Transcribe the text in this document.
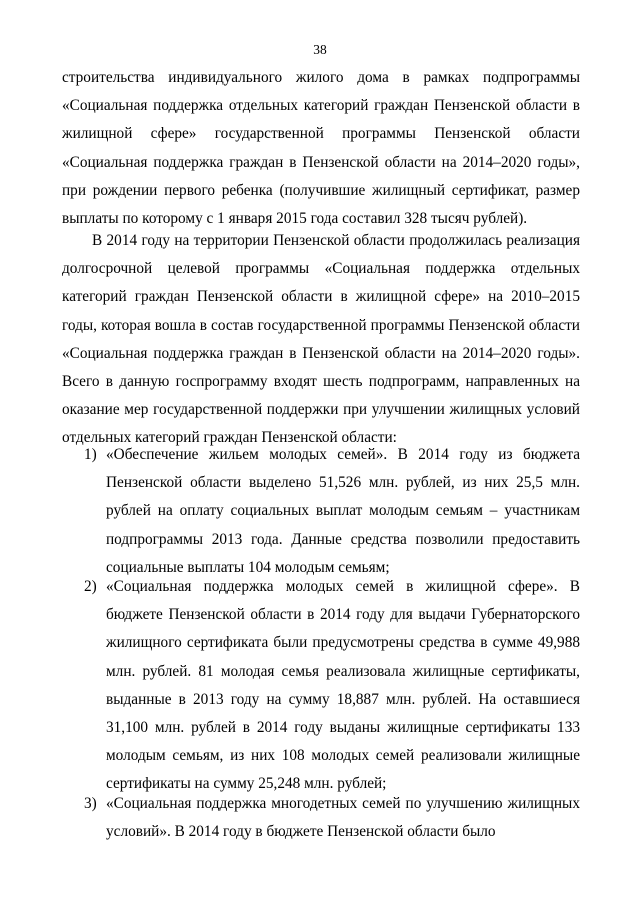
38

строительства индивидуального жилого дома в рамках подпрограммы «Социальная поддержка отдельных категорий граждан Пензенской области в жилищной сфере» государственной программы Пензенской области «Социальная поддержка граждан в Пензенской области на 2014–2020 годы», при рождении первого ребенка (получившие жилищный сертификат, размер выплаты по которому с 1 января 2015 года составил 328 тысяч рублей).

В 2014 году на территории Пензенской области продолжилась реализация долгосрочной целевой программы «Социальная поддержка отдельных категорий граждан Пензенской области в жилищной сфере» на 2010–2015 годы, которая вошла в состав государственной программы Пензенской области «Социальная поддержка граждан в Пензенской области на 2014–2020 годы». Всего в данную госпрограмму входят шесть подпрограмм, направленных на оказание мер государственной поддержки при улучшении жилищных условий отдельных категорий граждан Пензенской области:

1) «Обеспечение жильем молодых семей». В 2014 году из бюджета Пензенской области выделено 51,526 млн. рублей, из них 25,5 млн. рублей на оплату социальных выплат молодым семьям – участникам подпрограммы 2013 года. Данные средства позволили предоставить социальные выплаты 104 молодым семьям;

2) «Социальная поддержка молодых семей в жилищной сфере». В бюджете Пензенской области в 2014 году для выдачи Губернаторского жилищного сертификата были предусмотрены средства в сумме 49,988 млн. рублей. 81 молодая семья реализовала жилищные сертификаты, выданные в 2013 году на сумму 18,887 млн. рублей. На оставшиеся 31,100 млн. рублей в 2014 году выданы жилищные сертификаты 133 молодым семьям, из них 108 молодых семей реализовали жилищные сертификаты на сумму 25,248 млн. рублей;

3) «Социальная поддержка многодетных семей по улучшению жилищных условий». В 2014 году в бюджете Пензенской области было
